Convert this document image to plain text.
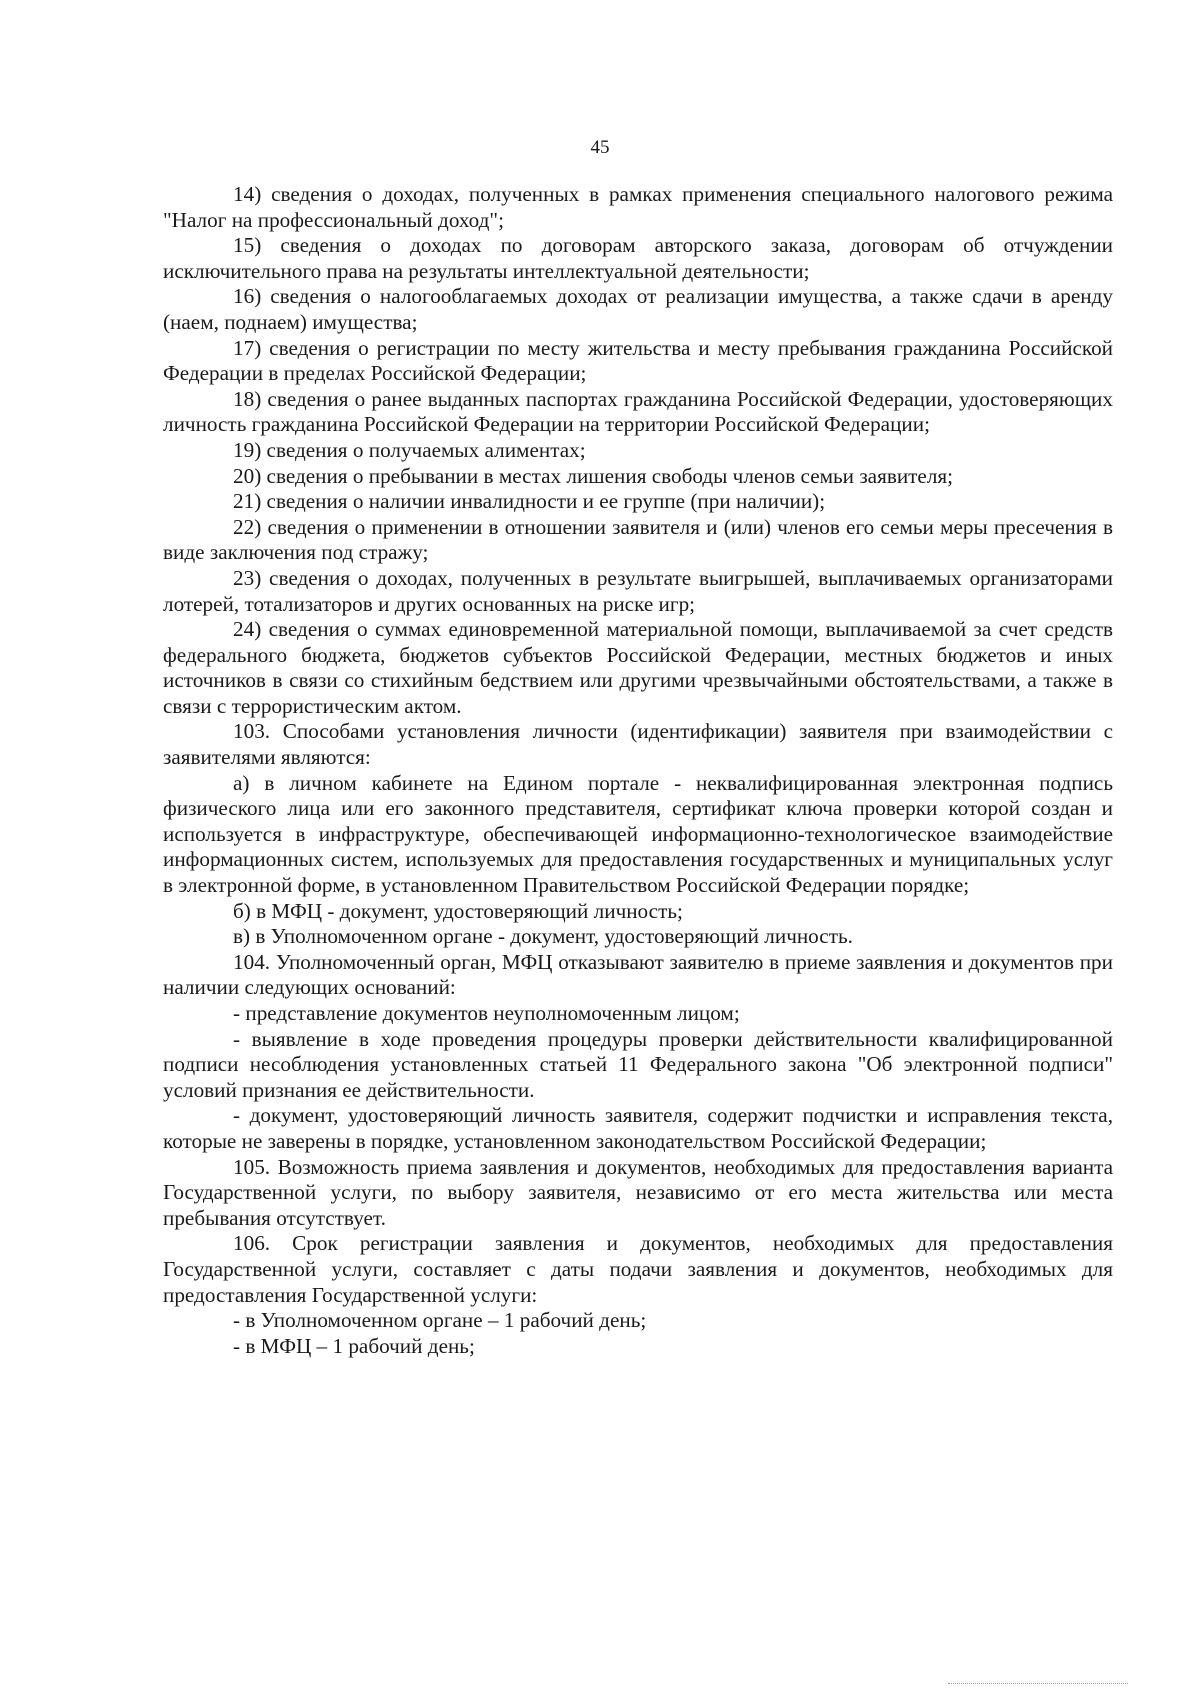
45

14) сведения о доходах, полученных в рамках применения специального налогового режима "Налог на профессиональный доход";

15) сведения о доходах по договорам авторского заказа, договорам об отчуждении исключительного права на результаты интеллектуальной деятельности;

16) сведения о налогооблагаемых доходах от реализации имущества, а также сдачи в аренду (наем, поднаем) имущества;

17) сведения о регистрации по месту жительства и месту пребывания гражданина Российской Федерации в пределах Российской Федерации;

18) сведения о ранее выданных паспортах гражданина Российской Федерации, удостоверяющих личность гражданина Российской Федерации на территории Российской Федерации;

19) сведения о получаемых алиментах;

20) сведения о пребывании в местах лишения свободы членов семьи заявителя;

21) сведения о наличии инвалидности и ее группе (при наличии);

22) сведения о применении в отношении заявителя и (или) членов его семьи меры пресечения в виде заключения под стражу;

23) сведения о доходах, полученных в результате выигрышей, выплачиваемых организаторами лотерей, тотализаторов и других основанных на риске игр;

24) сведения о суммах единовременной материальной помощи, выплачиваемой за счет средств федерального бюджета, бюджетов субъектов Российской Федерации, местных бюджетов и иных источников в связи со стихийным бедствием или другими чрезвычайными обстоятельствами, а также в связи с террористическим актом.

103. Способами установления личности (идентификации) заявителя при взаимодействии с заявителями являются:

а) в личном кабинете на Едином портале - неквалифицированная электронная подпись физического лица или его законного представителя, сертификат ключа проверки которой создан и используется в инфраструктуре, обеспечивающей информационно-технологическое взаимодействие информационных систем, используемых для предоставления государственных и муниципальных услуг в электронной форме, в установленном Правительством Российской Федерации порядке;

б) в МФЦ - документ, удостоверяющий личность;

в) в Уполномоченном органе - документ, удостоверяющий личность.

104. Уполномоченный орган, МФЦ отказывают заявителю в приеме заявления и документов при наличии следующих оснований:

- представление документов неуполномоченным лицом;

- выявление в ходе проведения процедуры проверки действительности квалифицированной подписи несоблюдения установленных статьей 11 Федерального закона "Об электронной подписи" условий признания ее действительности.

- документ, удостоверяющий личность заявителя, содержит подчистки и исправления текста, которые не заверены в порядке, установленном законодательством Российской Федерации;

105. Возможность приема заявления и документов, необходимых для предоставления варианта Государственной услуги, по выбору заявителя, независимо от его места жительства или места пребывания отсутствует.

106. Срок регистрации заявления и документов, необходимых для предоставления Государственной услуги, составляет с даты подачи заявления и документов, необходимых для предоставления Государственной услуги:

- в Уполномоченном органе – 1 рабочий день;

- в МФЦ – 1 рабочий день;
